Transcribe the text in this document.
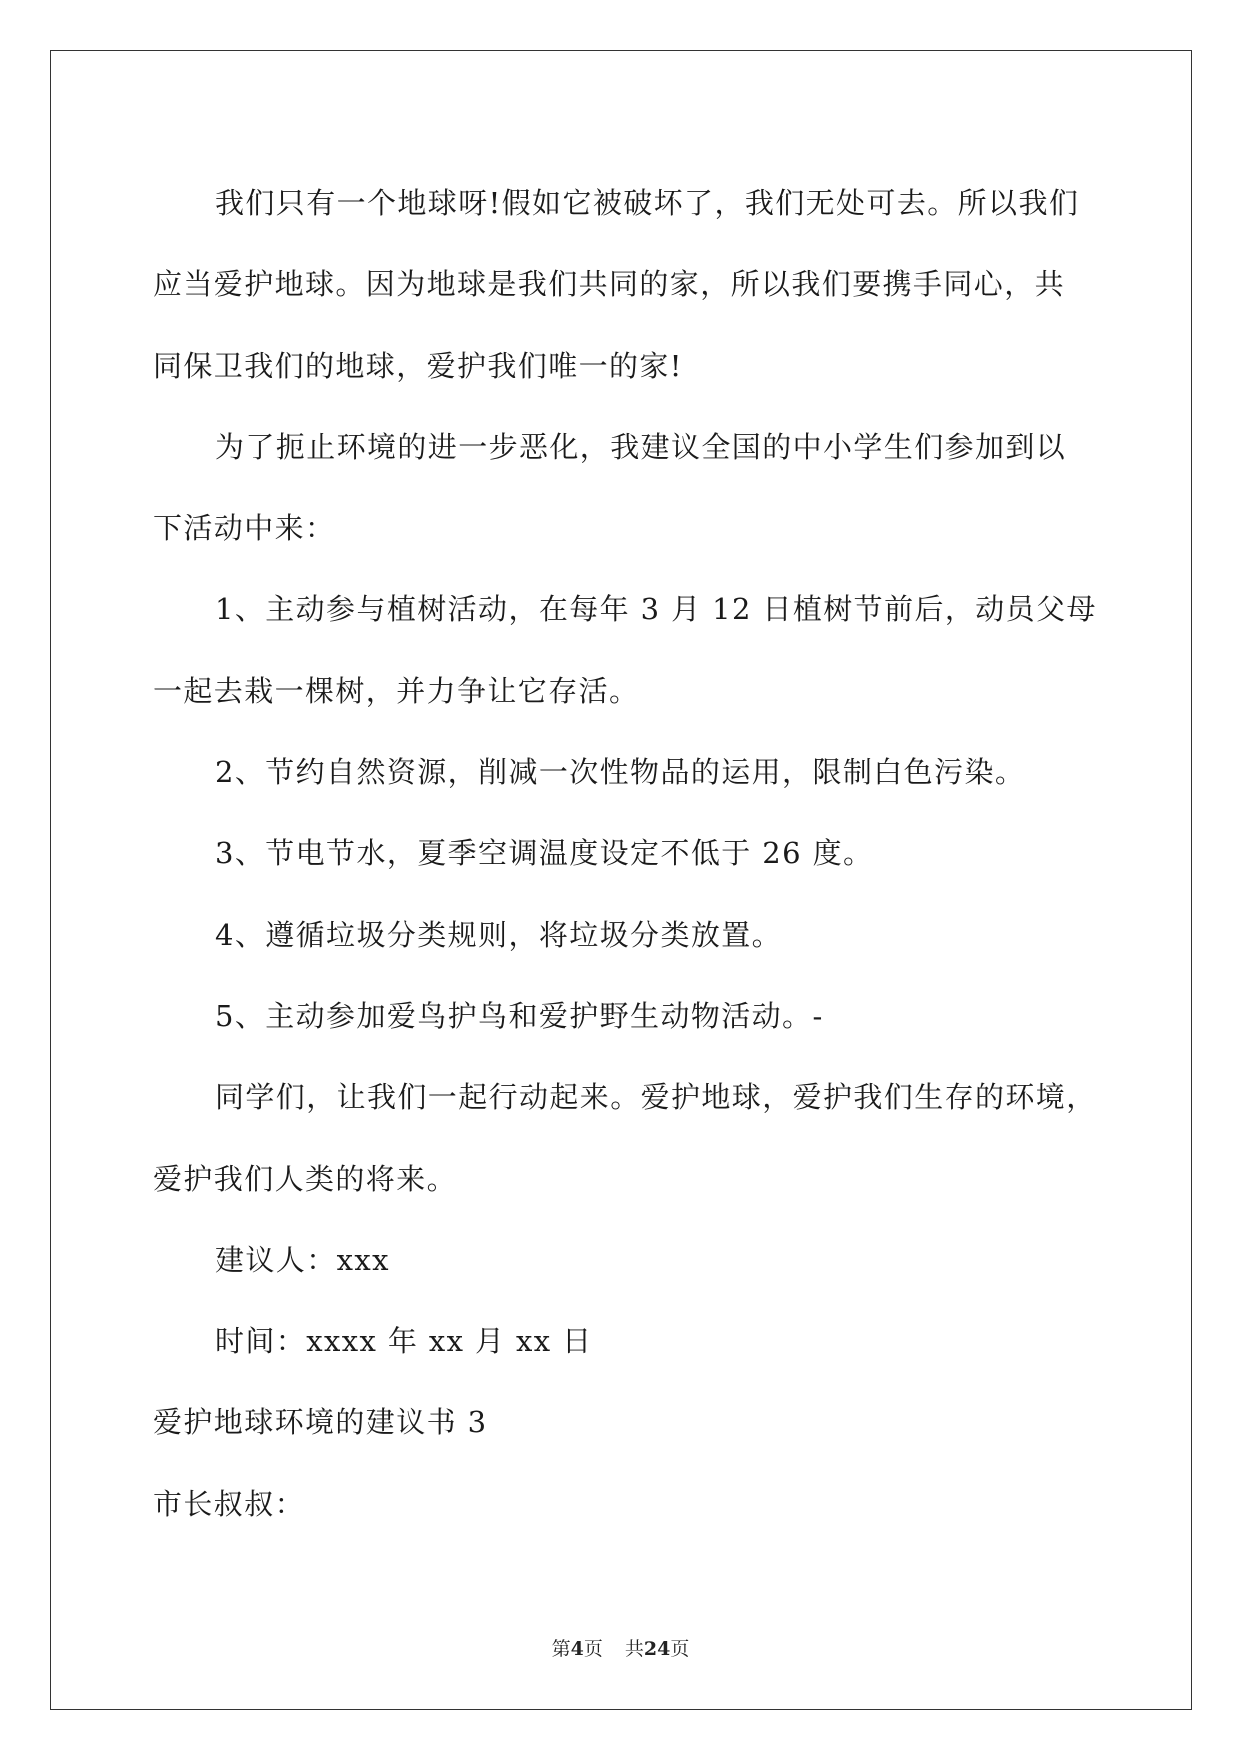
我们只有一个地球呀!假如它被破坏了，我们无处可去。所以我们
应当爱护地球。因为地球是我们共同的家，所以我们要携手同心，共
同保卫我们的地球，爱护我们唯一的家!
为了扼止环境的进一步恶化，我建议全国的中小学生们参加到以
下活动中来：
1、主动参与植树活动，在每年 3 月 12 日植树节前后，动员父母
一起去栽一棵树，并力争让它存活。
2、节约自然资源，削减一次性物品的运用，限制白色污染。
3、节电节水，夏季空调温度设定不低于 26 度。
4、遵循垃圾分类规则，将垃圾分类放置。
5、主动参加爱鸟护鸟和爱护野生动物活动。-
同学们，让我们一起行动起来。爱护地球，爱护我们生存的环境，
爱护我们人类的将来。
建议人：xxx
时间：xxxx 年 xx 月 xx 日
爱护地球环境的建议书 3
市长叔叔：
第4页 共24页
